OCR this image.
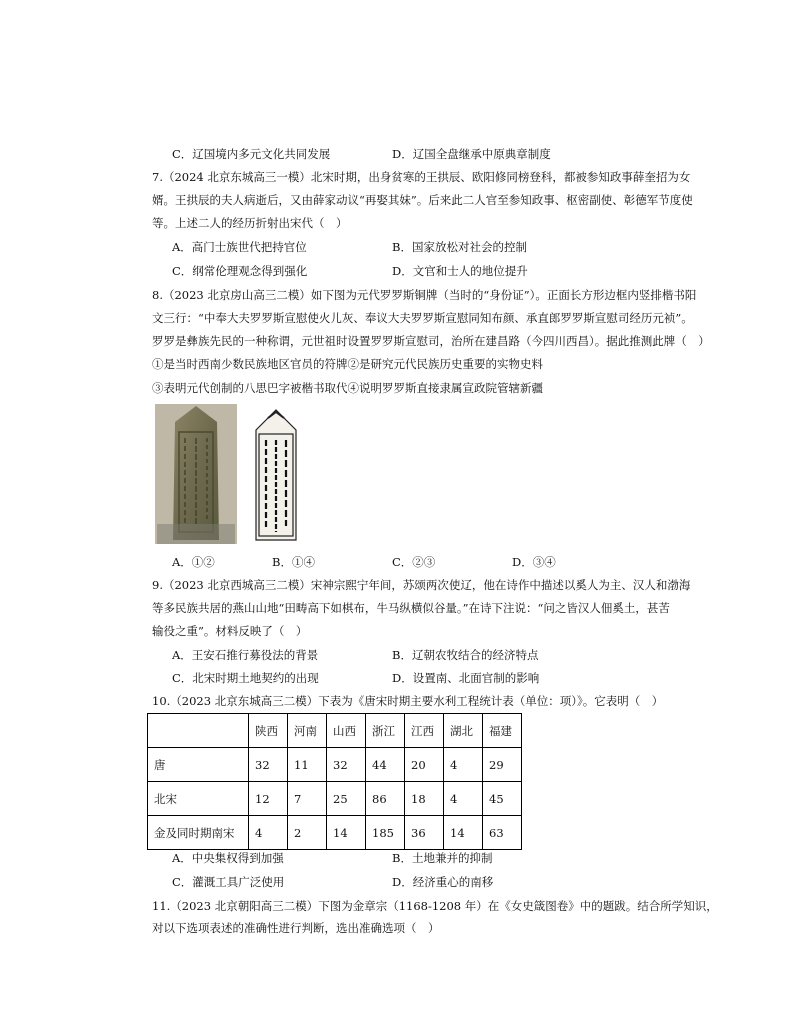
C．辽国境内多元文化共同发展	D．辽国全盘继承中原典章制度
7.（2024 北京东城高三一模）北宋时期，出身贫寒的王拱辰、欧阳修同榜登科，都被参知政事薛奎招为女
婿。王拱辰的夫人病逝后，又由薛家动议“再娶其妹”。后来此二人官至参知政事、枢密副使、彰德军节度使
等。上述二人的经历折射出宋代（　）
A．高门士族世代把持官位	B．国家放松对社会的控制
C．纲常伦理观念得到强化	D．文官和士人的地位提升
8.（2023 北京房山高三二模）如下图为元代罗罗斯铜牌（当时的“身份证”）。正面长方形边框内竖排楷书阳
文三行：“中奉大夫罗罗斯宣慰使火儿灰、奉议大夫罗罗斯宣慰同知布颜、承直郎罗罗斯宣慰司经历元祯”。
罗罗是彝族先民的一种称谓，元世祖时设置罗罗斯宣慰司，治所在建昌路（今四川西昌）。据此推测此牌（　）
①是当时西南少数民族地区官员的符牌②是研究元代民族历史重要的实物史料
③表明元代创制的八思巴字被楷书取代④说明罗罗斯直接隶属宣政院管辖新疆
A．①②	B．①④	C．②③	D．③④
9.（2023 北京西城高三二模）宋神宗熙宁年间，苏颂两次使辽，他在诗作中描述以奚人为主、汉人和渤海
等多民族共居的燕山山地“田畴高下如棋布，牛马纵横似谷量。”在诗下注说：“问之皆汉人佃奚土，甚苦
输役之重”。材料反映了（　）
A．王安石推行募役法的背景	B．辽朝农牧结合的经济特点
C．北宋时期土地契约的出现	D．设置南、北面官制的影响
10.（2023 北京东城高三二模）下表为《唐宋时期主要水利工程统计表（单位：项）》。它表明（　）
	陕西	河南	山西	浙江	江西	湖北	福建
唐	32	11	32	44	20	4	29
北宋	12	7	25	86	18	4	45
金及同时期南宋	4	2	14	185	36	14	63
A．中央集权得到加强	B．土地兼并的抑制
C．灌溉工具广泛使用	D．经济重心的南移
11.（2023 北京朝阳高三二模）下图为金章宗（1168-1208 年）在《女史箴图卷》中的题跋。结合所学知识，
对以下选项表述的准确性进行判断，选出准确选项（　）
